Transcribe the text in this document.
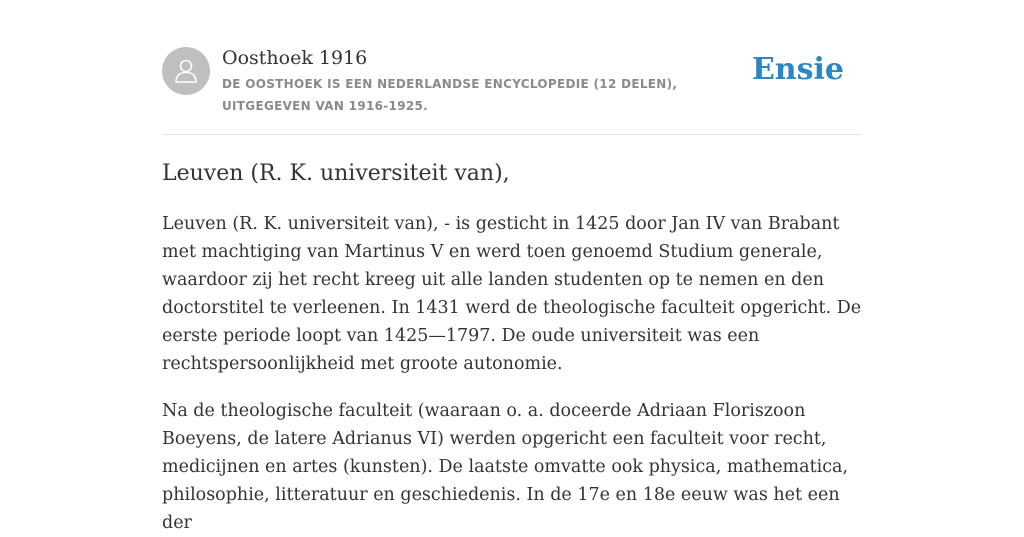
Oosthoek 1916
DE OOSTHOEK IS EEN NEDERLANDSE ENCYCLOPEDIE (12 DELEN), UITGEGEVEN VAN 1916-1925.
Ensie
Leuven (R. K. universiteit van),

Leuven (R. K. universiteit van), - is gesticht in 1425 door Jan IV van Brabant met machtiging van Martinus V en werd toen genoemd Studium generale, waardoor zij het recht kreeg uit alle landen studenten op te nemen en den doctorstitel te verleenen. In 1431 werd de theologische faculteit opgericht. De eerste periode loopt van 1425—1797. De oude universiteit was een rechtspersoonlijkheid met groote autonomie.

Na de theologische faculteit (waaraan o. a. doceerde Adriaan Floriszoon Boeyens, de latere Adrianus VI) werden opgericht een faculteit voor recht, medicijnen en artes (kunsten). De laatste omvatte ook physica, mathematica, philosophie, litteratuur en geschiedenis. In de 17e en 18e eeuw was het een der
